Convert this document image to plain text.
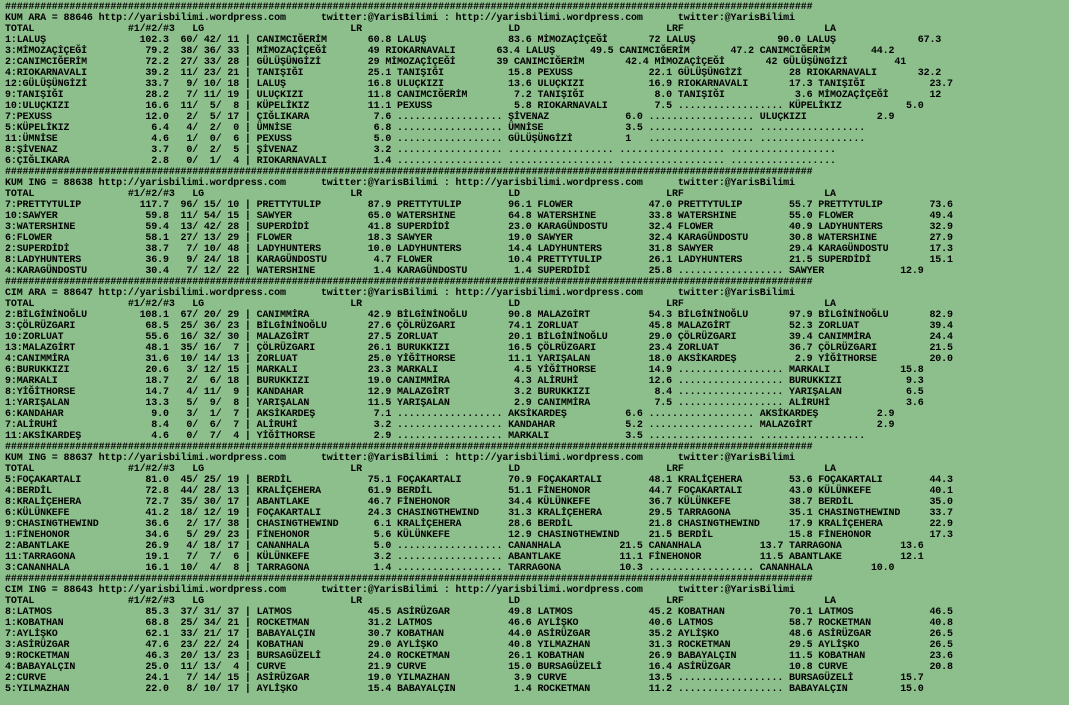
##########################################################################################################################################
KUM ARA = 88646 http://yarisbilimi.wordpress.com      twitter:@YarisBilimi : http://yarisbilimi.wordpress.com      twitter:@YarisBilimi
TOTAL                #1/#2/#3   LG                         LR                         LD                         LRF                        LA
1:LALUŞ                102.3  60/ 42/ 11 | CANIMCIĞERİM       60.8 LALUŞ              83.6 MİMOZAÇİÇEĞİ       72 LALUŞ              90.0 LALUŞ              67.3
3:MİMOZAÇİÇEĞİ          79.2  38/ 36/ 33 | MİMOZAÇİÇEĞİ       49 RIOKARNAVALI       63.4 LALUŞ      49.5 CANIMCIĞERİM       47.2 CANIMCIĞERİM       44.2
2:CANIMCIĞERİM          72.2  27/ 33/ 28 | GÜLÜŞÜNGİZİ        29 MİMOZAÇİÇEĞİ       39 CANIMCIĞERİM       42.4 MİMOZAÇİÇEĞİ       42 GÜLÜŞÜNGİZİ        41
4:RIOKARNAVALI          39.2  11/ 23/ 21 | TANIŞIĞI           25.1 TANIŞIĞI           15.8 PEXUSS             22.1 GÜLÜŞÜNGİZİ        28 RIOKARNAVALI       32.2
12:GÜLÜŞÜNGİZİ          33.7   9/ 10/ 18 | LALUŞ              16.8 ULUÇKIZI           13.6 ULUÇKIZI           16.9 RIOKARNAVALI       17.3 TANIŞIĞI           23.7
9:TANIŞIĞI              28.2   7/ 11/ 19 | ULUÇKIZI           11.8 CANIMCIĞERİM        7.2 TANIŞIĞI            8.0 TANIŞIĞI            3.6 MİMOZAÇİÇEĞİ       12
10:ULUÇKIZI             16.6  11/  5/  8 | KÜPELİKIZ          11.1 PEXUSS              5.8 RIOKARNAVALI        7.5 .................. KÜPELİKIZ           5.0
7:PEXUSS                12.0   2/  5/ 17 | ÇIĞLIKARA           7.6 .................. ŞİVENAZ             6.0 .................. ULUÇKIZI            2.9
5:KÜPELİKIZ              6.4   4/  2/  0 | ÜMNİSE              6.8 .................. ÜMNİSE              3.5 .................. ..................
11:ÜMNİSE                4.6   1/  0/  6 | PEXUSS              5.0 .................. GÜLÜŞÜNGİZİ         1   .................. ..................
8:ŞİVENAZ                3.7   0/  2/  5 | ŞİVENAZ             3.2 .................. .................. .................. ..................
6:ÇIĞLIKARA              2.8   0/  1/  4 | RIOKARNAVALI        1.4 .................. .................. .................. ..................
##########################################################################################################################################
KUM ING = 88638 http://yarisbilimi.wordpress.com      twitter:@YarisBilimi : http://yarisbilimi.wordpress.com      twitter:@YarisBilimi
TOTAL                #1/#2/#3   LG                         LR                         LD                         LRF                        LA
7:PRETTYTULIP          117.7  96/ 15/ 10 | PRETTYTULIP        87.9 PRETTYTULIP        96.1 FLOWER             47.0 PRETTYTULIP        55.7 PRETTYTULIP        73.6
10:SAWYER               59.8  11/ 54/ 15 | SAWYER             65.0 WATERSHINE         64.8 WATERSHINE         33.8 WATERSHINE         55.0 FLOWER             49.4
3:WATERSHINE            59.4  13/ 42/ 28 | SUPERDİDİ          41.8 SUPERDİDİ          23.0 KARAGÜNDOSTU       32.4 FLOWER             40.9 LADYHUNTERS        32.9
6:FLOWER                58.1  27/ 13/ 29 | FLOWER             18.3 SAWYER             19.0 SAWYER             32.4 KARAGÜNDOSTU       30.8 WATERSHINE         27.9
2:SUPERDİDİ             38.7   7/ 10/ 48 | LADYHUNTERS        10.0 LADYHUNTERS        14.4 LADYHUNTERS        31.8 SAWYER             29.4 KARAGÜNDOSTU       17.3
8:LADYHUNTERS           36.9   9/ 24/ 18 | KARAGÜNDOSTU        4.7 FLOWER             10.4 PRETTYTULIP        26.1 LADYHUNTERS        21.5 SUPERDİDİ          15.1
4:KARAGÜNDOSTU          30.4   7/ 12/ 22 | WATERSHINE          1.4 KARAGÜNDOSTU        1.4 SUPERDİDİ          25.8 .................. SAWYER             12.9
##########################################################################################################################################
CIM ARA = 88647 http://yarisbilimi.wordpress.com      twitter:@YarisBilimi : http://yarisbilimi.wordpress.com      twitter:@YarisBilimi
TOTAL                #1/#2/#3   LG                         LR                         LD                         LRF                        LA
2:BİLGİNİNOĞLU         108.1  67/ 20/ 29 | CANIMMİRA          42.9 BİLGİNİNOĞLU       90.8 MALAZGİRT          54.3 BİLGİNİNOĞLU       97.9 BİLGİNİNOĞLU       82.9
3:ÇÖLRÜZGARI            68.5  25/ 36/ 23 | BİLGİNİNOĞLU       27.6 ÇÖLRÜZGARI         74.1 ZORLUAT            45.8 MALAZGİRT          52.3 ZORLUAT            39.4
10:ZORLUAT              55.6  16/ 32/ 30 | MALAZGİRT          27.5 ZORLUAT            20.1 BİLGİNİNOĞLU       29.0 ÇÖLRÜZGARI         39.4 CANIMMİRA          24.4
13:MALAZGİRT            48.1  35/ 16/  7 | ÇÖLRÜZGARI         26.1 BURUKKIZI          16.5 ÇÖLRÜZGARI         23.4 ZORLUAT            36.7 ÇÖLRÜZGARI         21.5
4:CANIMMİRA             31.6  10/ 14/ 13 | ZORLUAT            25.0 YİĞİTHORSE         11.1 YARIŞALAN          18.0 AKSİKARDEŞ          2.9 YİĞİTHORSE         20.0
6:BURUKKIZI             20.6   3/ 12/ 15 | MARKALI            23.3 MARKALI             4.5 YİĞİTHORSE         14.9 .................. MARKALI            15.8
9:MARKALI               18.7   2/  6/ 18 | BURUKKIZI          19.0 CANIMMİRA           4.3 ALİRUHİ            12.6 .................. BURUKKIZI           9.3
8:YİĞİTHORSE            14.7   4/ 11/  9 | KANDAHAR           12.9 MALAZGİRT           3.2 BURUKKIZI           8.4 .................. YARIŞALAN           6.5
1:YARIŞALAN             13.3   5/  9/  8 | YARIŞALAN          11.5 YARIŞALAN           2.9 CANIMMİRA           7.5 .................. ALİRUHİ             3.6
6:KANDAHAR               9.0   3/  1/  7 | AKSİKARDEŞ          7.1 .................. AKSİKARDEŞ          6.6 .................. AKSİKARDEŞ          2.9
7:ALİRUHİ                8.4   0/  6/  7 | ALİRUHİ             3.2 .................. KANDAHAR            5.2 .................. MALAZGİRT           2.9
11:AKSİKARDEŞ            4.6   0/  7/  4 | YİĞİTHORSE          2.9 .................. MARKALI             3.5 .................. ..................
##########################################################################################################################################
KUM ING = 88637 http://yarisbilimi.wordpress.com      twitter:@YarisBilimi : http://yarisbilimi.wordpress.com      twitter:@YarisBilimi
TOTAL                #1/#2/#3   LG                         LR                         LD                         LRF                        LA
5:FOÇAKARTALI           81.0  45/ 25/ 19 | BERDİL             75.1 FOÇAKARTALI        70.9 FOÇAKARTALI        48.1 KRALİÇEHERA        53.6 FOÇAKARTALI        44.3
4:BERDİL                72.8  44/ 28/ 13 | KRALİÇEHERA        61.9 BERDİL             51.1 FİNEHONOR          44.7 FOÇAKARTALI        43.0 KÜLÜNKEFE          40.1
8:KRALİÇEHERA           72.7  35/ 30/ 17 | ABANTLAKE          46.7 FİNEHONOR          34.4 KÜLÜNKEFE          36.7 KÜLÜNKEFE          38.7 BERDİL             35.0
6:KÜLÜNKEFE             41.2  18/ 12/ 19 | FOÇAKARTALI        24.3 CHASINGTHEWIND     31.3 KRALİÇEHERA        29.5 TARRAGONA          35.1 CHASINGTHEWIND     33.7
9:CHASINGTHEWIND        36.6   2/ 17/ 38 | CHASINGTHEWIND      6.1 KRALİÇEHERA        28.6 BERDİL             21.8 CHASINGTHEWIND     17.9 KRALİÇEHERA        22.9
1:FİNEHONOR             34.6   5/ 29/ 23 | FİNEHONOR           5.6 KÜLÜNKEFE          12.9 CHASINGTHEWIND     21.5 BERDİL             15.8 FİNEHONOR          17.3
2:ABANTLAKE             26.9   4/ 18/ 17 | CANANHALA           5.0 .................. CANANHALA          21.5 CANANHALA          13.7 TARRAGONA          13.6
11:TARRAGONA            19.1   7/  7/  6 | KÜLÜNKEFE           3.2 .................. ABANTLAKE          11.1 FİNEHONOR          11.5 ABANTLAKE          12.1
3:CANANHALA             16.1  10/  4/  8 | TARRAGONA           1.4 .................. TARRAGONA          10.3 .................. CANANHALA          10.0
##########################################################################################################################################
CIM ING = 88643 http://yarisbilimi.wordpress.com      twitter:@YarisBilimi : http://yarisbilimi.wordpress.com      twitter:@YarisBilimi
TOTAL                #1/#2/#3   LG                         LR                         LD                         LRF                        LA
8:LATMOS                85.3  37/ 31/ 37 | LATMOS             45.5 ASİRÜZGAR          49.8 LATMOS             45.2 KOBATHAN           70.1 LATMOS             46.5
1:KOBATHAN              68.8  25/ 34/ 21 | ROCKETMAN          31.2 LATMOS             46.6 AYLİŞKO            40.6 LATMOS             58.7 ROCKETMAN          40.8
7:AYLİŞKO               62.1  33/ 21/ 17 | BABAYALÇIN         30.7 KOBATHAN           44.0 ASİRÜZGAR          35.2 AYLİŞKO            48.6 ASİRÜZGAR          26.5
3:ASİRÜZGAR             47.6  23/ 22/ 24 | KOBATHAN           29.0 AYLİŞKO            40.8 YILMAZHAN          31.3 ROCKETMAN          29.5 AYLİŞKO            26.5
9:ROCKETMAN             46.3  20/ 13/ 23 | BURSAGÜZELİ        24.0 ROCKETMAN          26.1 KOBATHAN           26.9 BABAYALÇIN         11.5 KOBATHAN           23.6
4:BABAYALÇIN            25.0  11/ 13/  4 | CURVE              21.9 CURVE              15.0 BURSAGÜZELİ        16.4 ASİRÜZGAR          10.8 CURVE              20.8
2:CURVE                 24.1   7/ 14/ 15 | ASİRÜZGAR          19.0 YILMAZHAN           3.9 CURVE              13.5 .................. BURSAGÜZELİ        15.7
5:YILMAZHAN             22.0   8/ 10/ 17 | AYLİŞKO            15.4 BABAYALÇIN          1.4 ROCKETMAN          11.2 .................. BABAYALÇIN         15.0
